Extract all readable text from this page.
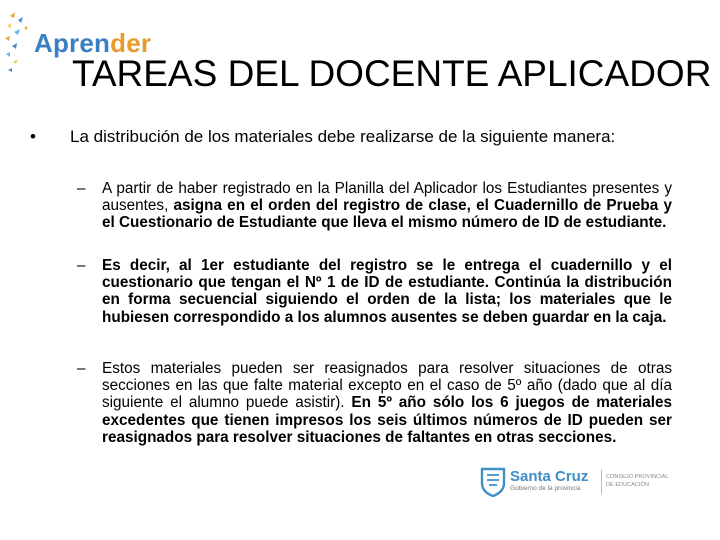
Aprender
TAREAS DEL DOCENTE APLICADOR
• La distribución de los materiales debe realizarse de la siguiente manera:
– A partir de haber registrado en la Planilla del Aplicador los Estudiantes presentes y ausentes, asigna en el orden del registro de clase, el Cuadernillo de Prueba y el Cuestionario de Estudiante que lleva el mismo número de ID de estudiante.
– Es decir, al 1er estudiante del registro se le entrega el cuadernillo y el cuestionario que tengan el Nº 1 de ID de estudiante. Continúa la distribución en forma secuencial siguiendo el orden de la lista; los materiales que le hubiesen correspondido a los alumnos ausentes se deben guardar en la caja.
– Estos materiales pueden ser reasignados para resolver situaciones de otras secciones en las que falte material excepto en el caso de 5º año (dado que al día siguiente el alumno puede asistir). En 5º año sólo los 6 juegos de materiales excedentes que tienen impresos los seis últimos números de ID pueden ser reasignados para resolver situaciones de faltantes en otras secciones.
Santa Cruz
Gobierno de la provincia
CONSEJO PROVINCIAL
DE EDUCACIÓN
